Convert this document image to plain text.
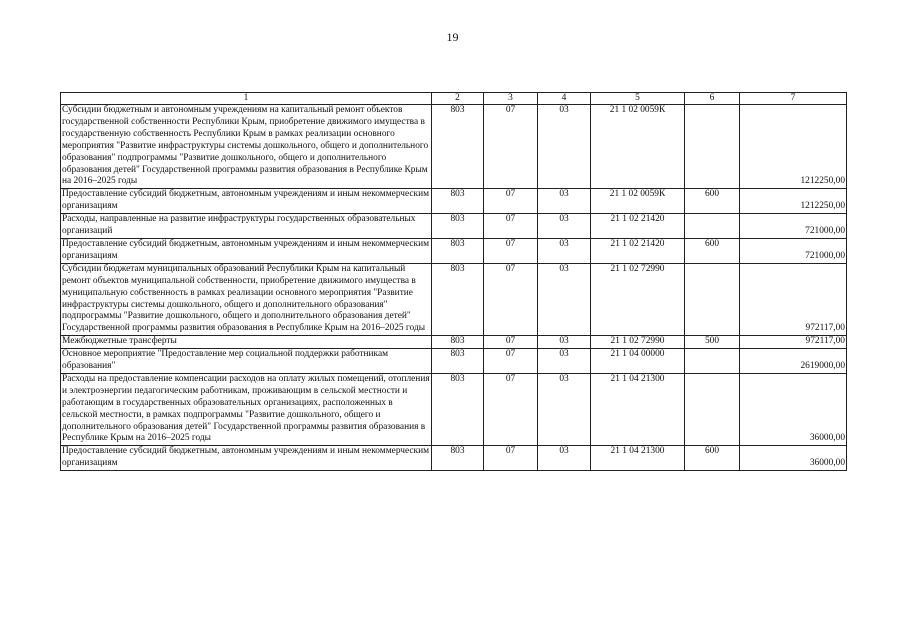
19
1	2	3	4	5	6	7
Субсидии бюджетным и автономным учреждениям на капитальный ремонт объектов государственной собственности Республики Крым, приобретение движимого имущества в государственную собственность Республики Крым в рамках реализации основного мероприятия "Развитие инфраструктуры системы дошкольного, общего и дополнительного образования" подпрограммы "Развитие дошкольного, общего и дополнительного образования детей" Государственной программы развития образования в Республике Крым на 2016–2025 годы	803	07	03	21 1 02 0059К		1212250,00
Предоставление субсидий бюджетным, автономным учреждениям и иным некоммерческим организациям	803	07	03	21 1 02 0059К	600	1212250,00
Расходы, направленные на развитие инфраструктуры государственных образовательных организаций	803	07	03	21 1 02 21420		721000,00
Предоставление субсидий бюджетным, автономным учреждениям и иным некоммерческим организациям	803	07	03	21 1 02 21420	600	721000,00
Субсидии бюджетам муниципальных образований Республики Крым на капитальный ремонт объектов муниципальной собственности, приобретение движимого имущества в муниципальную собственность в рамках реализации основного мероприятия "Развитие инфраструктуры системы дошкольного, общего и дополнительного образования" подпрограммы "Развитие дошкольного, общего и дополнительного образования детей" Государственной программы развития образования в Республике Крым на 2016–2025 годы	803	07	03	21 1 02 72990		972117,00
Межбюджетные трансферты	803	07	03	21 1 02 72990	500	972117,00
Основное мероприятие "Предоставление мер социальной поддержки работникам образования"	803	07	03	21 1 04 00000		2619000,00
Расходы на предоставление компенсации расходов на оплату жилых помещений, отопления и электроэнергии педагогическим работникам, проживающим в сельской местности и работающим в государственных образовательных организациях, расположенных в сельской местности, в рамках подпрограммы "Развитие дошкольного, общего и дополнительного образования детей" Государственной программы развития образования в Республике Крым на 2016–2025 годы	803	07	03	21 1 04 21300		36000,00
Предоставление субсидий бюджетным, автономным учреждениям и иным некоммерческим организациям	803	07	03	21 1 04 21300	600	36000,00
